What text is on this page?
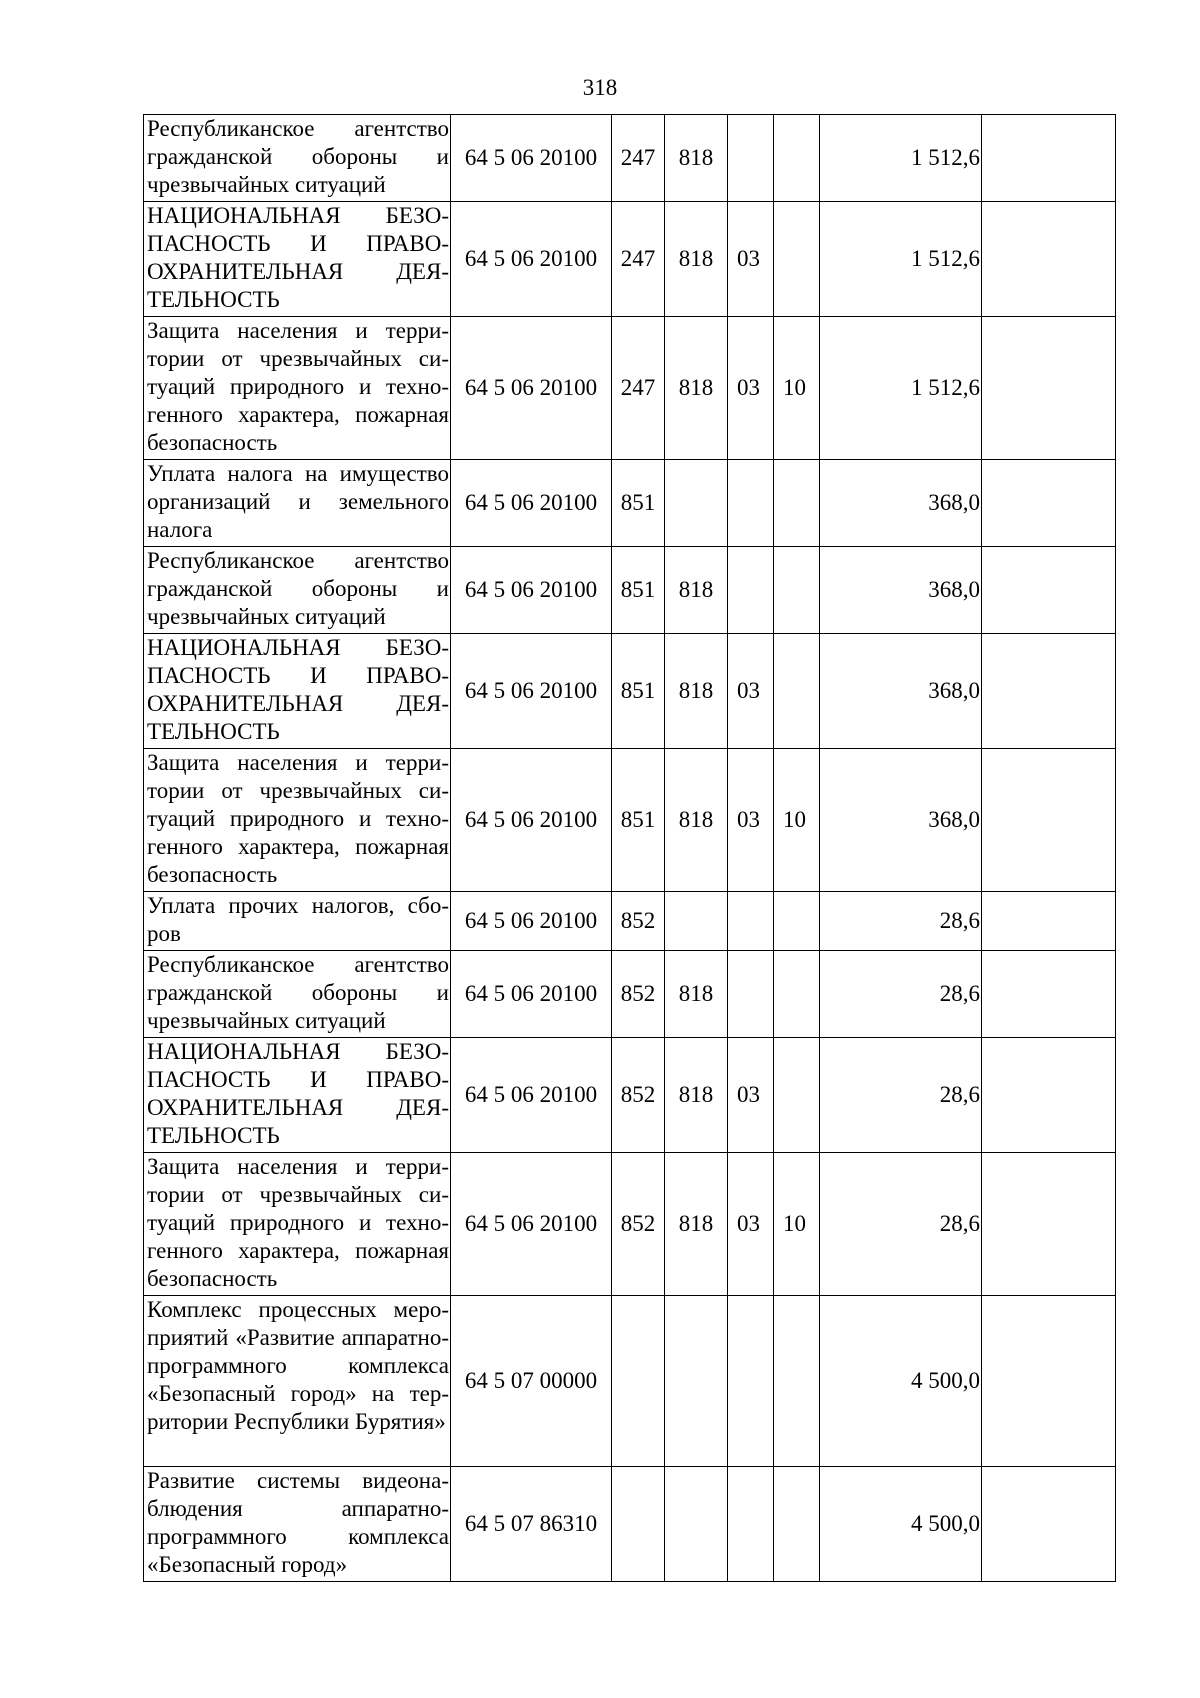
318
Республиканское агентство гражданской обороны и чрезвычайных ситуаций	64 5 06 20100	247	818			1 512,6	
НАЦИОНАЛЬНАЯ БЕЗОПАСНОСТЬ И ПРАВООХРАНИТЕЛЬНАЯ ДЕЯТЕЛЬНОСТЬ	64 5 06 20100	247	818	03		1 512,6	
Защита населения и территории от чрезвычайных ситуаций природного и техногенного характера, пожарная безопасность	64 5 06 20100	247	818	03	10	1 512,6	
Уплата налога на имущество организаций и земельного налога	64 5 06 20100	851				368,0	
Республиканское агентство гражданской обороны и чрезвычайных ситуаций	64 5 06 20100	851	818			368,0	
НАЦИОНАЛЬНАЯ БЕЗОПАСНОСТЬ И ПРАВООХРАНИТЕЛЬНАЯ ДЕЯТЕЛЬНОСТЬ	64 5 06 20100	851	818	03		368,0	
Защита населения и территории от чрезвычайных ситуаций природного и техногенного характера, пожарная безопасность	64 5 06 20100	851	818	03	10	368,0	
Уплата прочих налогов, сборов	64 5 06 20100	852				28,6	
Республиканское агентство гражданской обороны и чрезвычайных ситуаций	64 5 06 20100	852	818			28,6	
НАЦИОНАЛЬНАЯ БЕЗОПАСНОСТЬ И ПРАВООХРАНИТЕЛЬНАЯ ДЕЯТЕЛЬНОСТЬ	64 5 06 20100	852	818	03		28,6	
Защита населения и территории от чрезвычайных ситуаций природного и техногенного характера, пожарная безопасность	64 5 06 20100	852	818	03	10	28,6	
Комплекс процессных мероприятий «Развитие аппаратно-программного комплекса «Безопасный город» на территории Республики Бурятия»	64 5 07 00000					4 500,0	
Развитие системы видеонаблюдения аппаратно-программного комплекса «Безопасный город»	64 5 07 86310					4 500,0	
